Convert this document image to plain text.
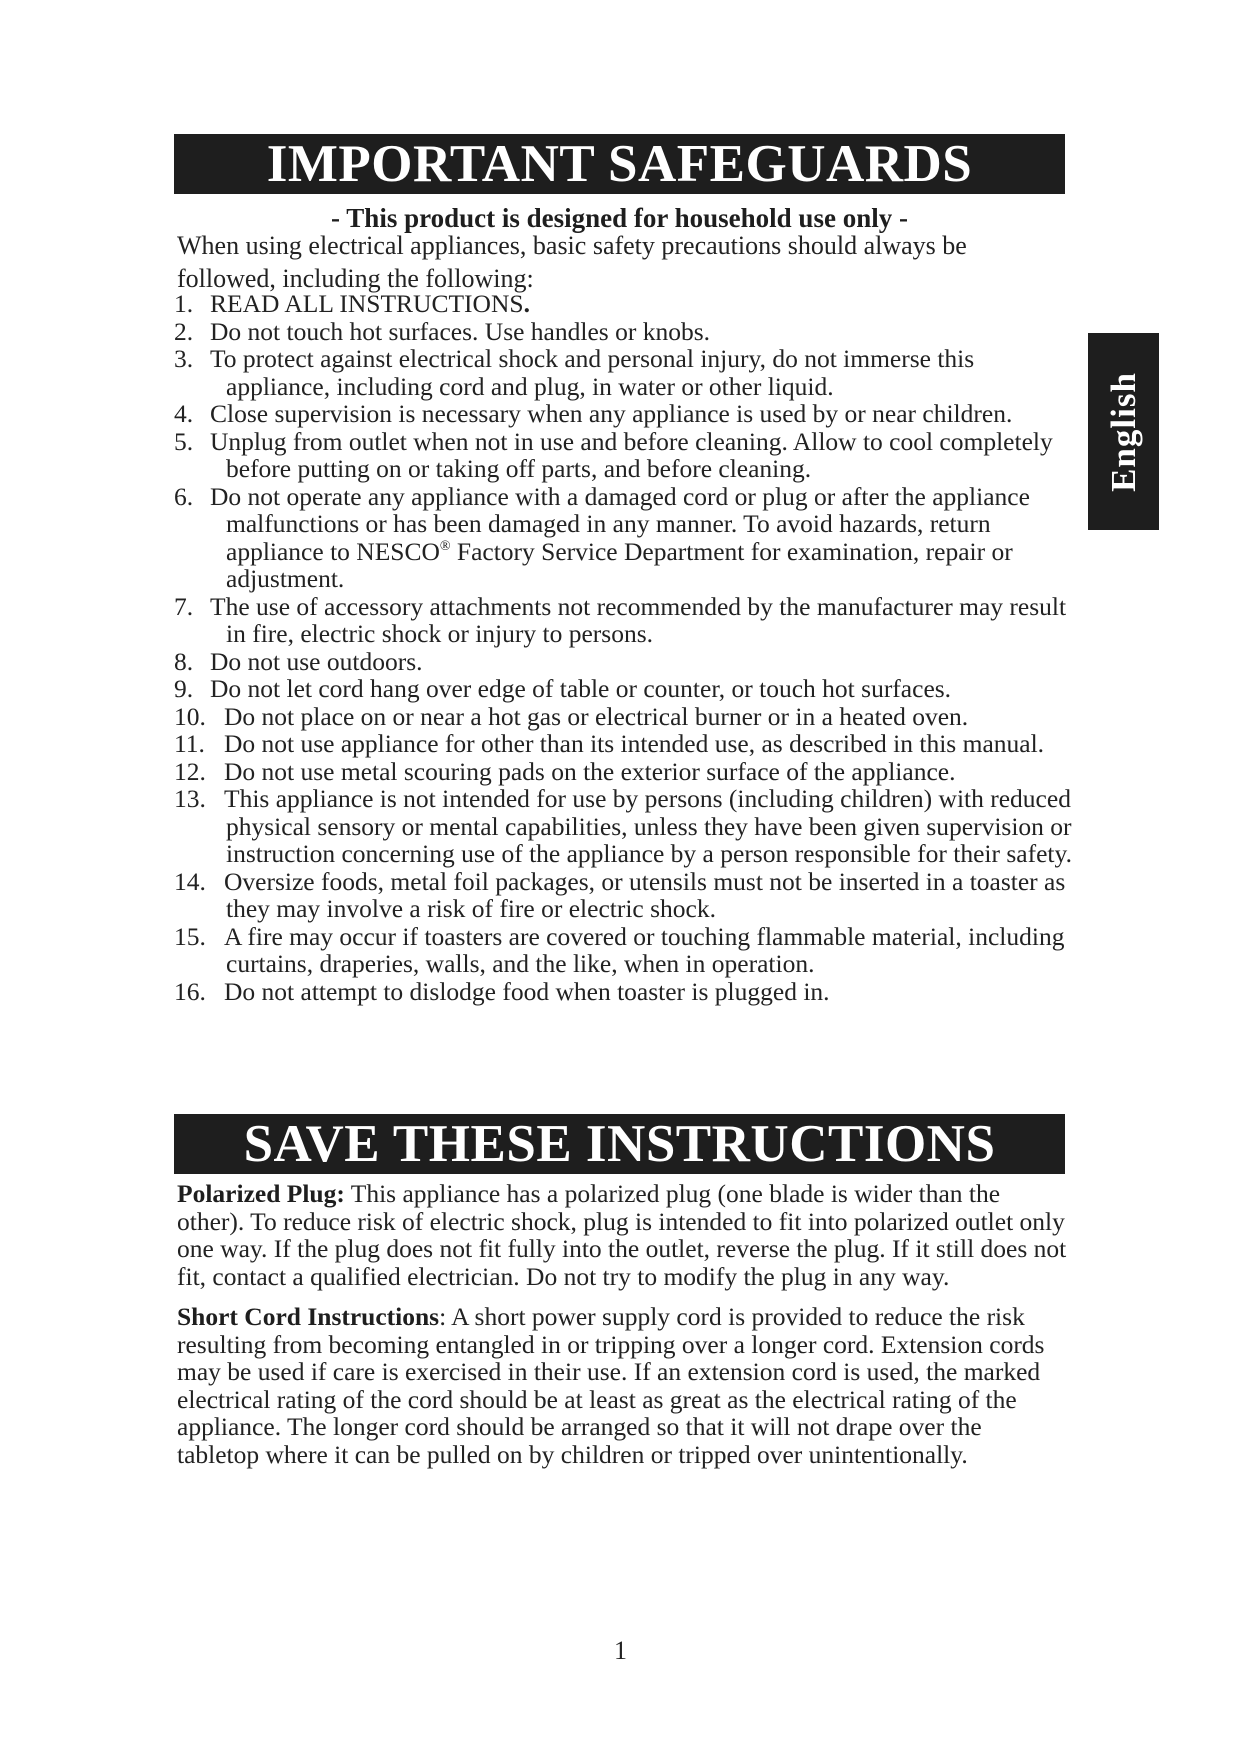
IMPORTANT SAFEGUARDS
English
- This product is designed for household use only -
When using electrical appliances, basic safety precautions should always be followed, including the following:
1. READ ALL INSTRUCTIONS.
2. Do not touch hot surfaces. Use handles or knobs.
3. To protect against electrical shock and personal injury, do not immerse this appliance, including cord and plug, in water or other liquid.
4. Close supervision is necessary when any appliance is used by or near children.
5. Unplug from outlet when not in use and before cleaning. Allow to cool completely before putting on or taking off parts, and before cleaning.
6. Do not operate any appliance with a damaged cord or plug or after the appliance malfunctions or has been damaged in any manner. To avoid hazards, return appliance to NESCO® Factory Service Department for examination, repair or adjustment.
7. The use of accessory attachments not recommended by the manufacturer may result in fire, electric shock or injury to persons.
8. Do not use outdoors.
9. Do not let cord hang over edge of table or counter, or touch hot surfaces.
10. Do not place on or near a hot gas or electrical burner or in a heated oven.
11. Do not use appliance for other than its intended use, as described in this manual.
12. Do not use metal scouring pads on the exterior surface of the appliance.
13. This appliance is not intended for use by persons (including children) with reduced physical sensory or mental capabilities, unless they have been given supervision or instruction concerning use of the appliance by a person responsible for their safety.
14. Oversize foods, metal foil packages, or utensils must not be inserted in a toaster as they may involve a risk of fire or electric shock.
15. A fire may occur if toasters are covered or touching flammable material, including curtains, draperies, walls, and the like, when in operation.
16. Do not attempt to dislodge food when toaster is plugged in.
SAVE THESE INSTRUCTIONS
Polarized Plug: This appliance has a polarized plug (one blade is wider than the other). To reduce risk of electric shock, plug is intended to fit into polarized outlet only one way. If the plug does not fit fully into the outlet, reverse the plug. If it still does not fit, contact a qualified electrician. Do not try to modify the plug in any way.
Short Cord Instructions: A short power supply cord is provided to reduce the risk resulting from becoming entangled in or tripping over a longer cord. Extension cords may be used if care is exercised in their use. If an extension cord is used, the marked electrical rating of the cord should be at least as great as the electrical rating of the appliance. The longer cord should be arranged so that it will not drape over the tabletop where it can be pulled on by children or tripped over unintentionally.
1
